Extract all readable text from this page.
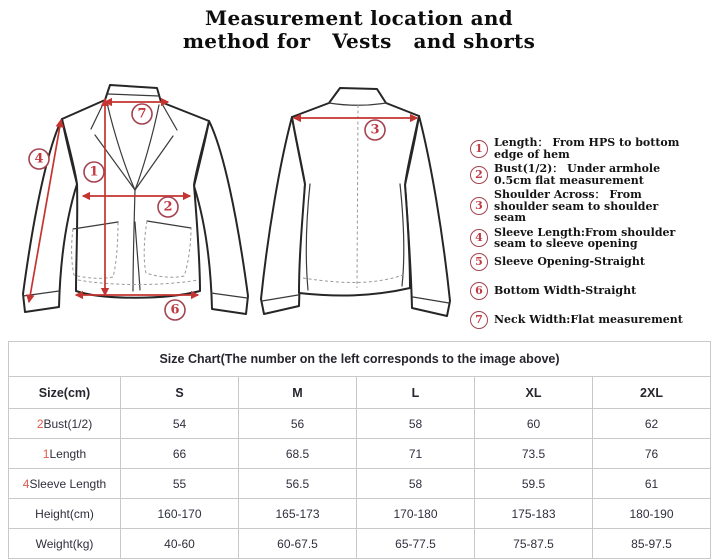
Measurement location and
method for   Vests   and shorts
7
1
2
4
6
3
1	Length： From HPS to bottom edge of hem
2	Bust(1/2)： Under armhole 0.5cm flat measurement
3
Shoulder Across： From shoulder seam to shoulder seam
4	Sleeve Length:From shoulder seam to sleeve opening
5	Sleeve Opening-Straight
6	Bottom Width-Straight
7	Neck Width:Flat measurement
Size Chart(The number on the left corresponds to the image above)					
Size(cm)	S	M	L	XL	2XL
2Bust(1/2)	54	56	58	60	62
1Length	66	68.5	71	73.5	76
4Sleeve Length	55	56.5	58	59.5	61
Height(cm)	160-170	165-173	170-180	175-183	180-190
Weight(kg)	40-60	60-67.5	65-77.5	75-87.5	85-97.5
